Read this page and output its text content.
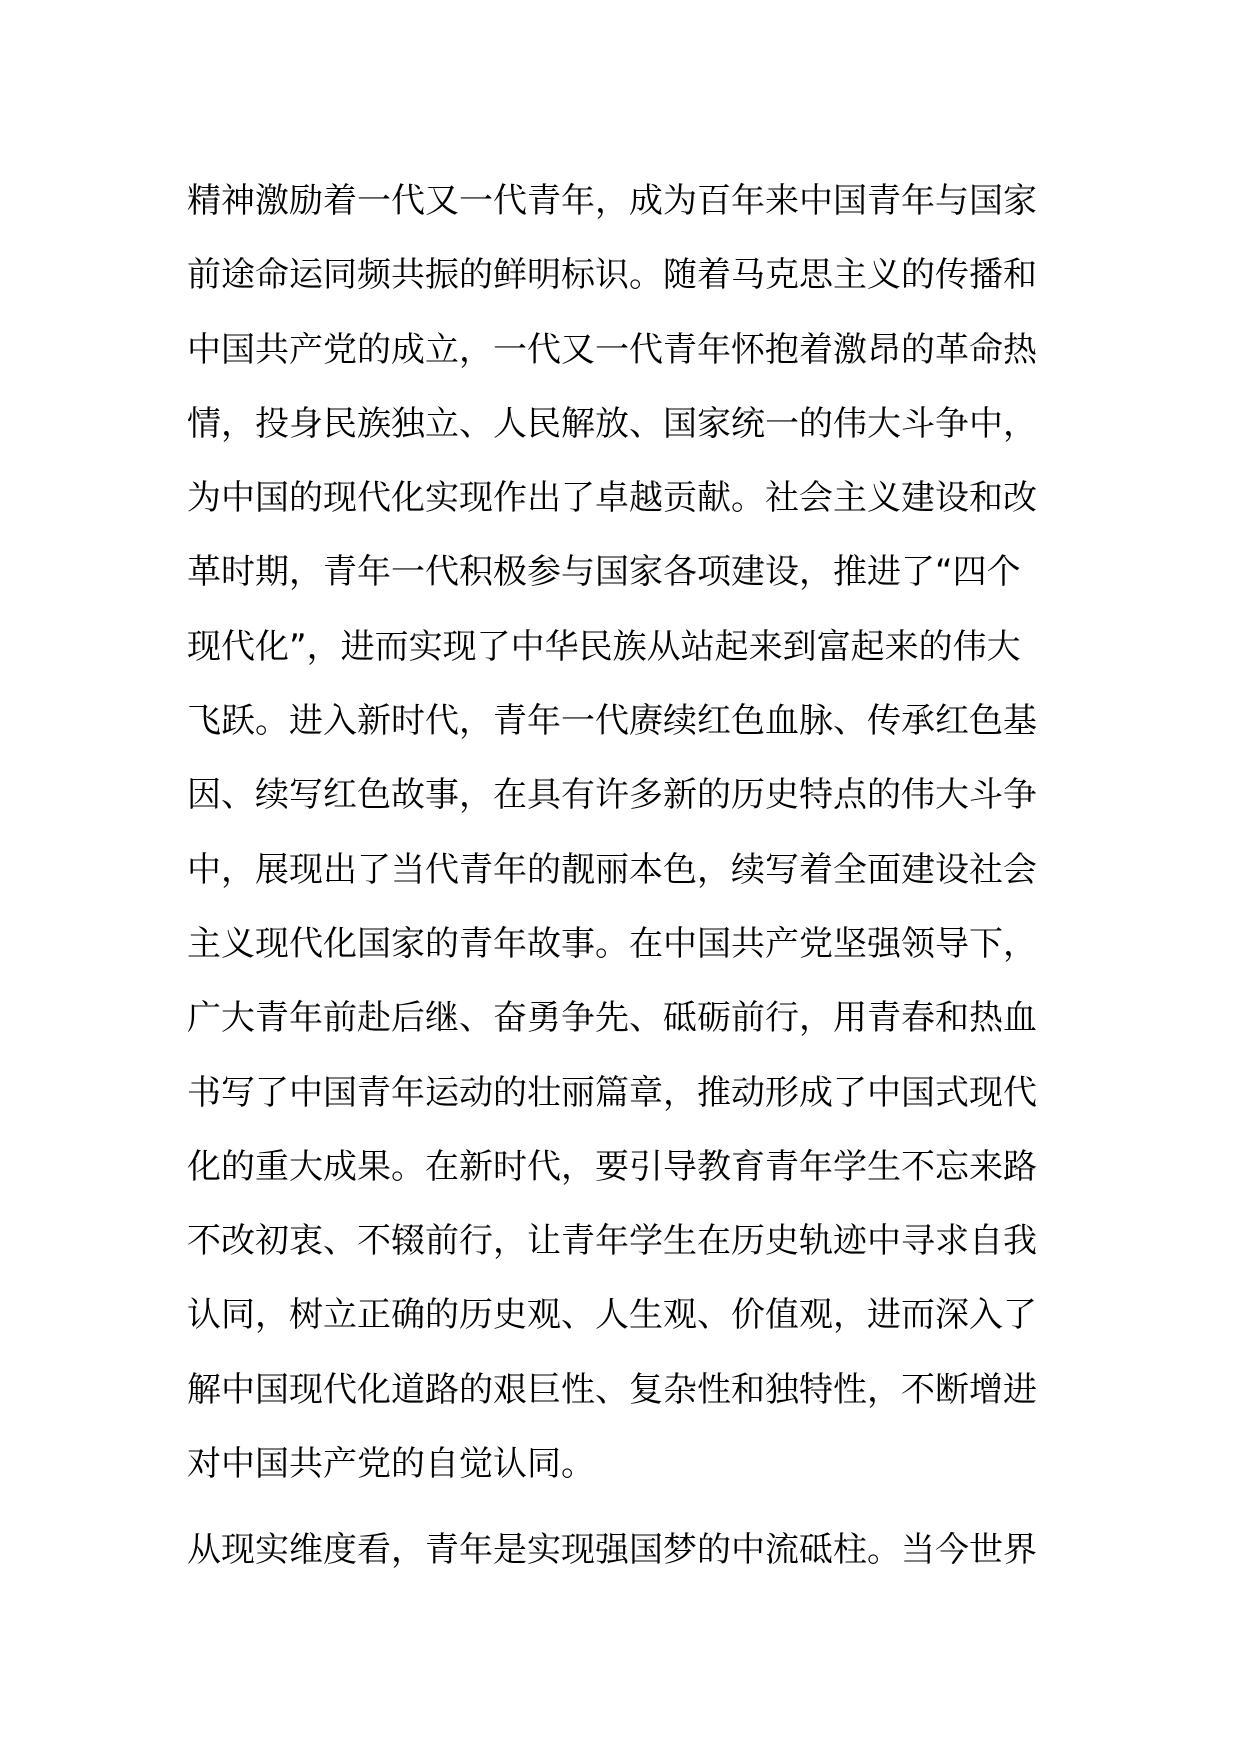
精神激励着一代又一代青年，成为百年来中国青年与国家
前途命运同频共振的鲜明标识。随着马克思主义的传播和
中国共产党的成立，一代又一代青年怀抱着激昂的革命热
情，投身民族独立、人民解放、国家统一的伟大斗争中，
为中国的现代化实现作出了卓越贡献。社会主义建设和改
革时期，青年一代积极参与国家各项建设，推进了“四个
现代化”，进而实现了中华民族从站起来到富起来的伟大
飞跃。进入新时代，青年一代赓续红色血脉、传承红色基
因、续写红色故事，在具有许多新的历史特点的伟大斗争
中，展现出了当代青年的靓丽本色，续写着全面建设社会
主义现代化国家的青年故事。在中国共产党坚强领导下，
广大青年前赴后继、奋勇争先、砥砺前行，用青春和热血
书写了中国青年运动的壮丽篇章，推动形成了中国式现代
化的重大成果。在新时代，要引导教育青年学生不忘来路
不改初衷、不辍前行，让青年学生在历史轨迹中寻求自我
认同，树立正确的历史观、人生观、价值观，进而深入了
解中国现代化道路的艰巨性、复杂性和独特性，不断增进
对中国共产党的自觉认同。
从现实维度看，青年是实现强国梦的中流砥柱。当今世界
